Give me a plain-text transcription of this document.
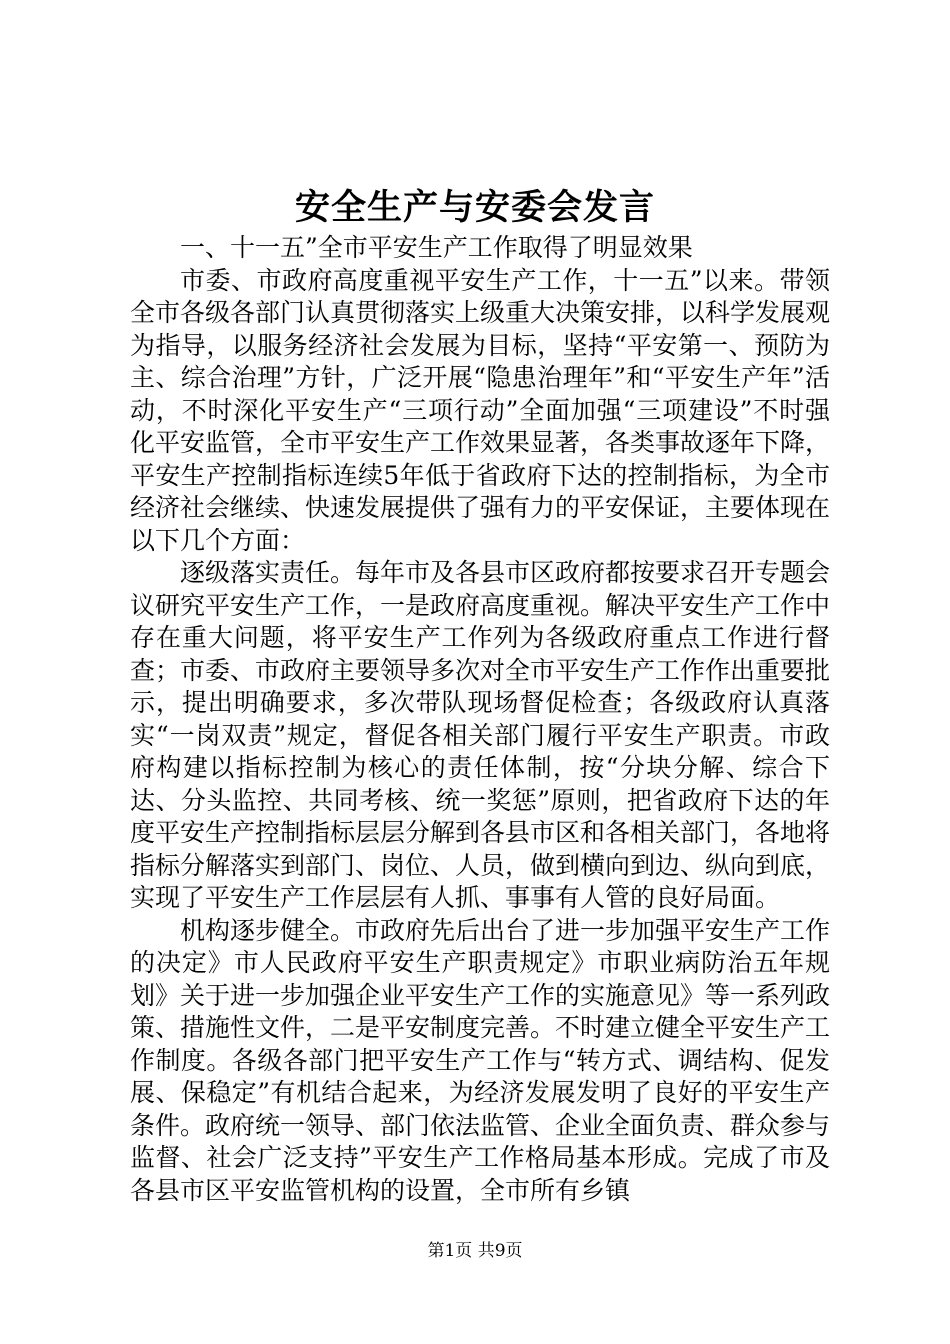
安全生产与安委会发言

一、十一五”全市平安生产工作取得了明显效果

市委、市政府高度重视平安生产工作，十一五”以来。带领全市各级各部门认真贯彻落实上级重大决策安排，以科学发展观为指导，以服务经济社会发展为目标，坚持“平安第一、预防为主、综合治理”方针，广泛开展“隐患治理年”和“平安生产年”活动，不时深化平安生产“三项行动”全面加强“三项建设”不时强化平安监管，全市平安生产工作效果显著，各类事故逐年下降，平安生产控制指标连续5年低于省政府下达的控制指标，为全市经济社会继续、快速发展提供了强有力的平安保证，主要体现在以下几个方面：

逐级落实责任。每年市及各县市区政府都按要求召开专题会议研究平安生产工作，一是政府高度重视。解决平安生产工作中存在重大问题，将平安生产工作列为各级政府重点工作进行督查；市委、市政府主要领导多次对全市平安生产工作作出重要批示，提出明确要求，多次带队现场督促检查；各级政府认真落实“一岗双责”规定，督促各相关部门履行平安生产职责。市政府构建以指标控制为核心的责任体制，按“分块分解、综合下达、分头监控、共同考核、统一奖惩”原则，把省政府下达的年度平安生产控制指标层层分解到各县市区和各相关部门，各地将指标分解落实到部门、岗位、人员，做到横向到边、纵向到底，实现了平安生产工作层层有人抓、事事有人管的良好局面。

机构逐步健全。市政府先后出台了进一步加强平安生产工作的决定》市人民政府平安生产职责规定》市职业病防治五年规划》关于进一步加强企业平安生产工作的实施意见》等一系列政策、措施性文件，二是平安制度完善。不时建立健全平安生产工作制度。各级各部门把平安生产工作与“转方式、调结构、促发展、保稳定”有机结合起来，为经济发展发明了良好的平安生产条件。政府统一领导、部门依法监管、企业全面负责、群众参与监督、社会广泛支持”平安生产工作格局基本形成。完成了市及各县市区平安监管机构的设置，全市所有乡镇

第1页 共9页
